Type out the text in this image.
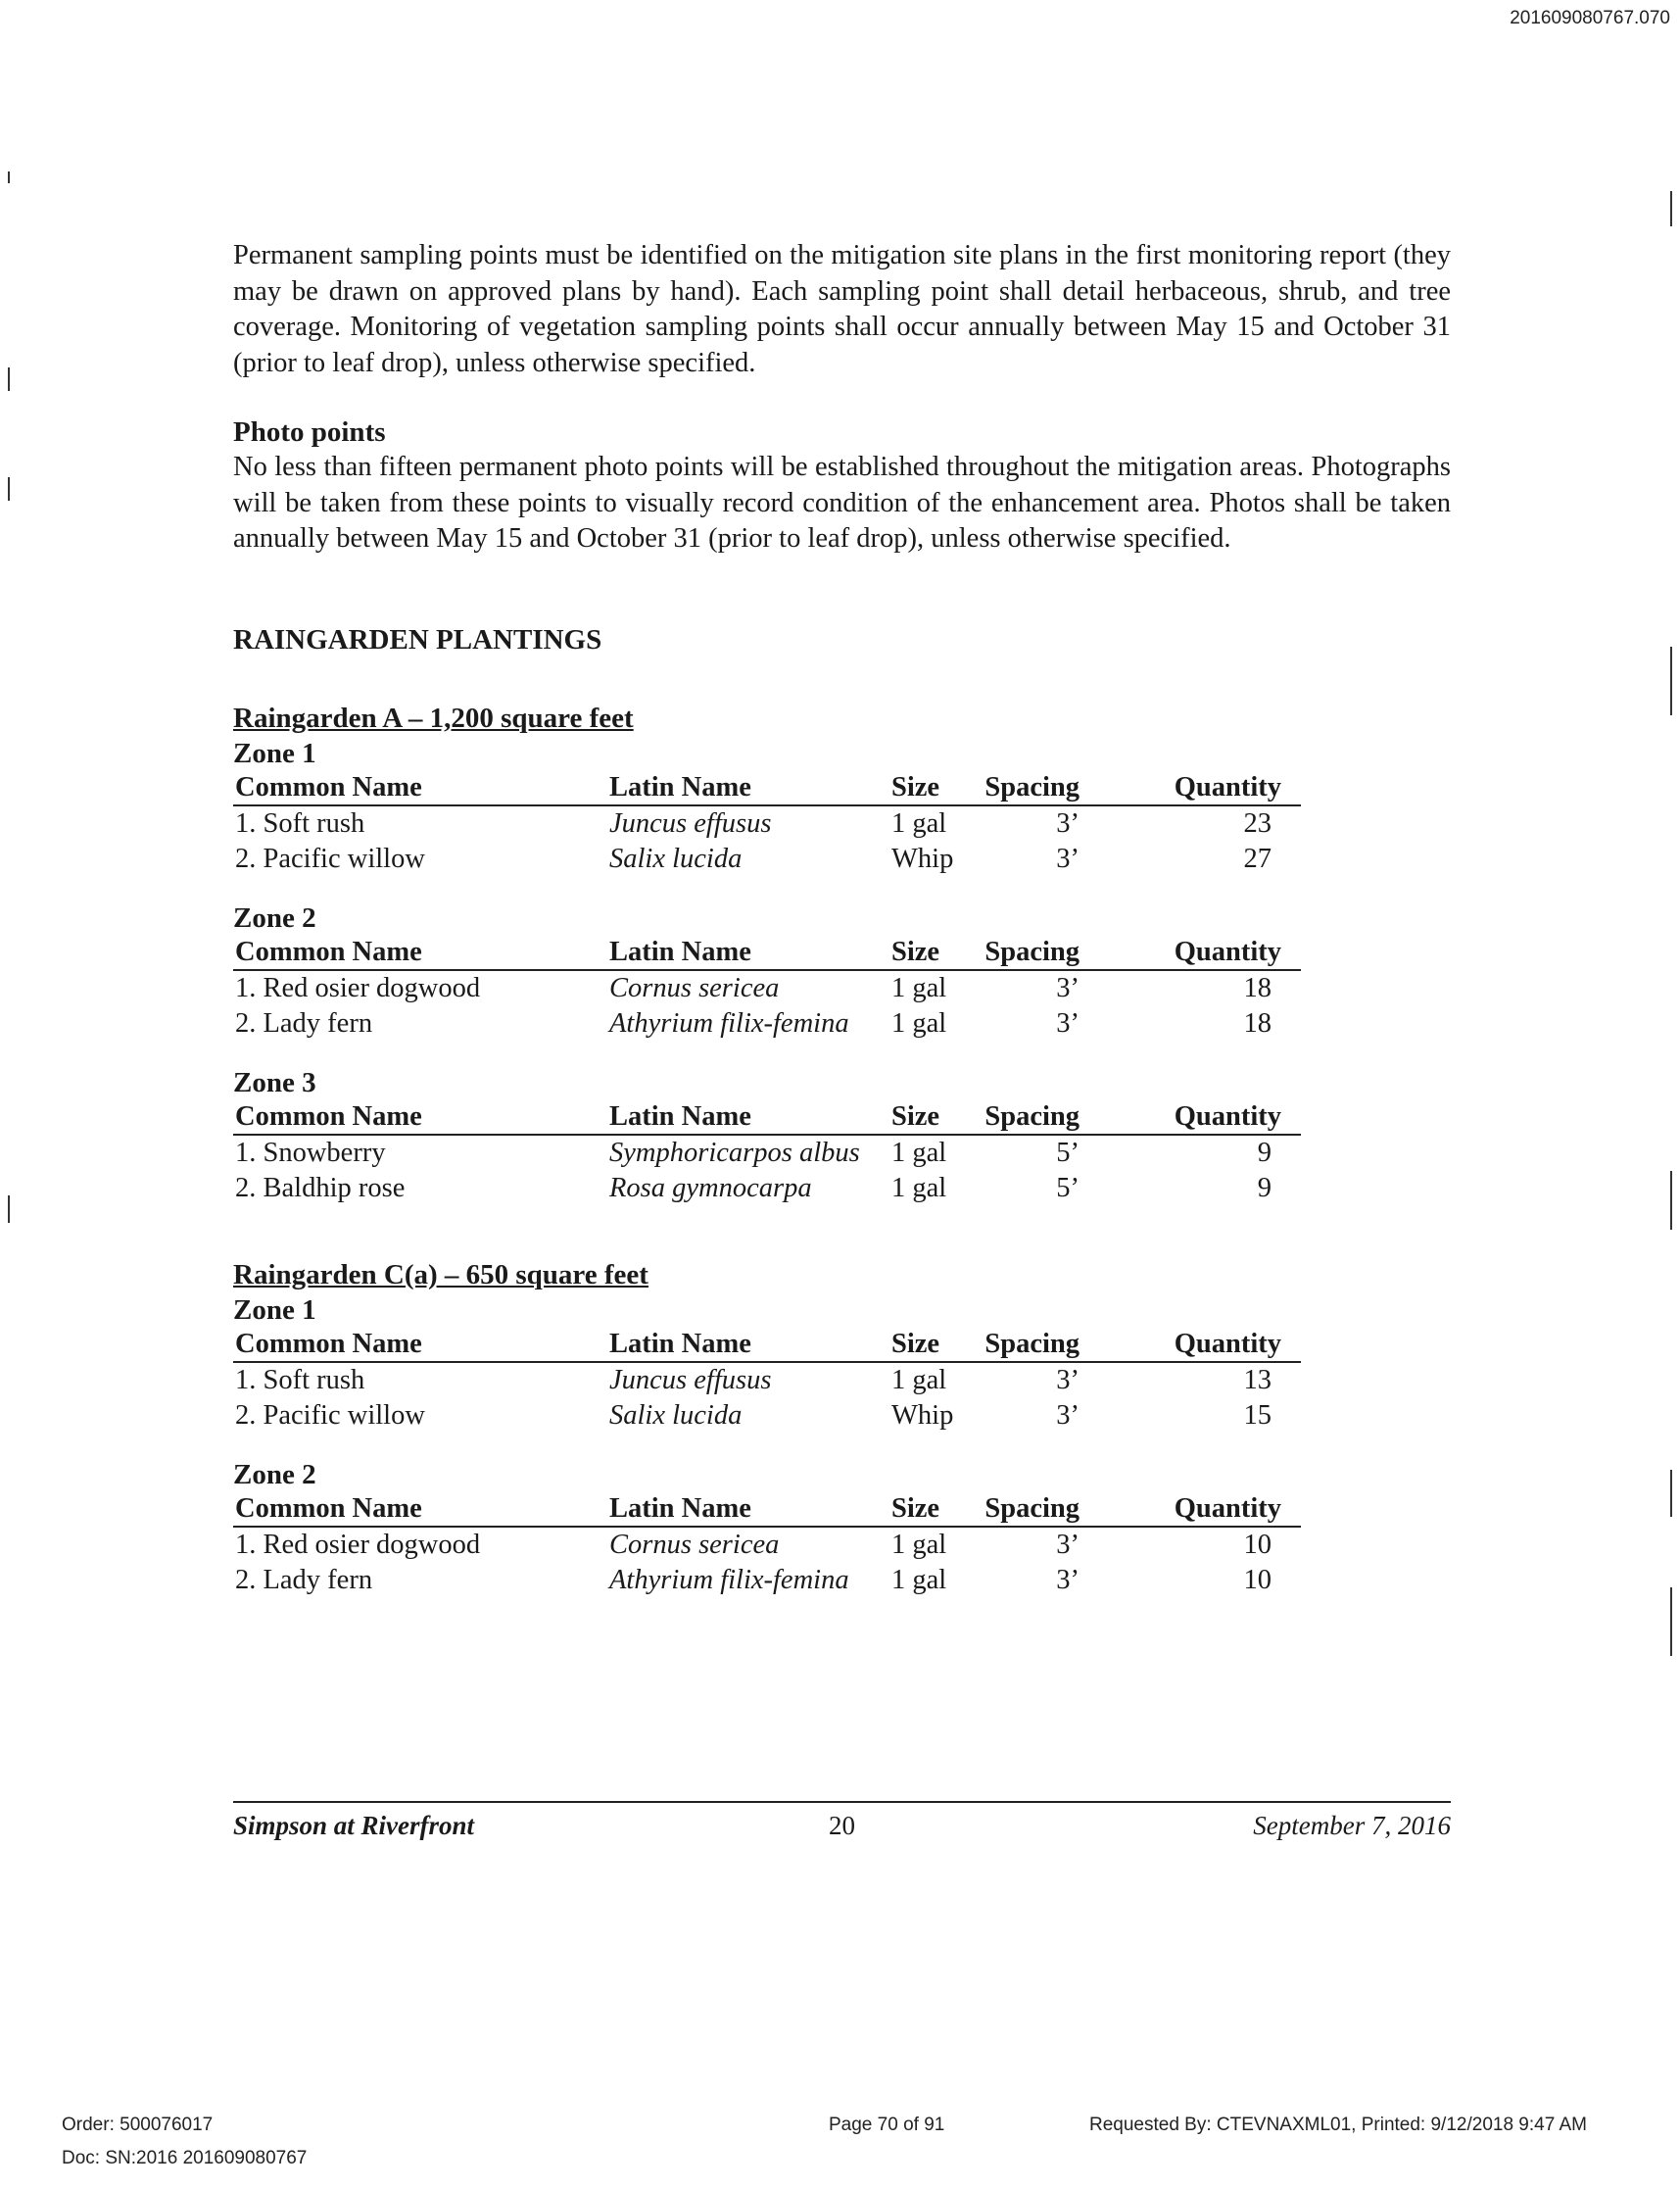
201609080767.070

Permanent sampling points must be identified on the mitigation site plans in the first monitoring report (they may be drawn on approved plans by hand). Each sampling point shall detail herbaceous, shrub, and tree coverage. Monitoring of vegetation sampling points shall occur annually between May 15 and October 31 (prior to leaf drop), unless otherwise specified.

Photo points

No less than fifteen permanent photo points will be established throughout the mitigation areas. Photographs will be taken from these points to visually record condition of the enhancement area. Photos shall be taken annually between May 15 and October 31 (prior to leaf drop), unless otherwise specified.

RAINGARDEN PLANTINGS
Raingarden A – 1,200 square feet
Zone 1
Common Name	Latin Name	Size	Spacing	Quantity
1. Soft rush	Juncus effusus	1 gal	3’	23
2. Pacific willow	Salix lucida	Whip	3’	27
Zone 2
Common Name	Latin Name	Size	Spacing	Quantity
1. Red osier dogwood	Cornus sericea	1 gal	3’	18
2. Lady fern	Athyrium filix-femina	1 gal	3’	18
Zone 3
Common Name	Latin Name	Size	Spacing	Quantity
1. Snowberry	Symphoricarpos albus	1 gal	5’	9
2. Baldhip rose	Rosa gymnocarpa	1 gal	5’	9
Raingarden C(a) – 650 square feet
Zone 1
Common Name	Latin Name	Size	Spacing	Quantity
1. Soft rush	Juncus effusus	1 gal	3’	13
2. Pacific willow	Salix lucida	Whip	3’	15
Zone 2
Common Name	Latin Name	Size	Spacing	Quantity
1. Red osier dogwood	Cornus sericea	1 gal	3’	10
2. Lady fern	Athyrium filix-femina	1 gal	3’	10
Simpson at Riverfront	20	September 7, 2016
Order: 500076017
Doc: SN:2016 201609080767
Page 70 of 91	Requested By: CTEVNAXML01, Printed: 9/12/2018 9:47 AM
